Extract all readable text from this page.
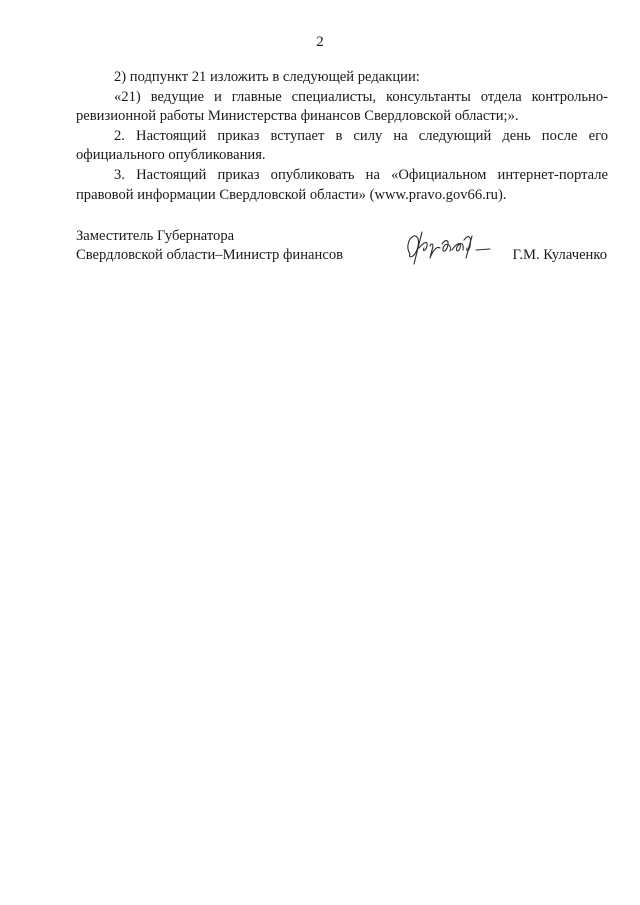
2

2) подпункт 21 изложить в следующей редакции:

«21) ведущие и главные специалисты, консультанты отдела контрольно-ревизионной работы Министерства финансов Свердловской области;».

2. Настоящий приказ вступает в силу на следующий день после его официального опубликования.

3. Настоящий приказ опубликовать на «Официальном интернет-портале правовой информации Свердловской области» (www.pravo.gov66.ru).

Заместитель Губернатора
Свердловской области–Министр финансов	Г.М. Кулаченко
